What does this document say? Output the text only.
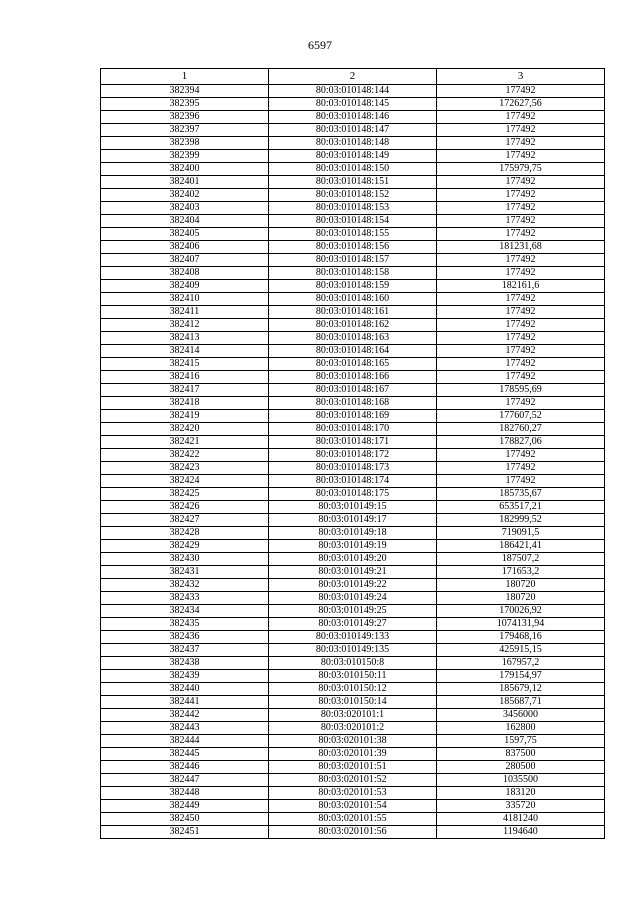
6597
1	2	3
382394	80:03:010148:144	177492
382395	80:03:010148:145	172627,56
382396	80:03:010148:146	177492
382397	80:03:010148:147	177492
382398	80:03:010148:148	177492
382399	80:03:010148:149	177492
382400	80:03:010148:150	175979,75
382401	80:03:010148:151	177492
382402	80:03:010148:152	177492
382403	80:03:010148:153	177492
382404	80:03:010148:154	177492
382405	80:03:010148:155	177492
382406	80:03:010148:156	181231,68
382407	80:03:010148:157	177492
382408	80:03:010148:158	177492
382409	80:03:010148:159	182161,6
382410	80:03:010148:160	177492
382411	80:03:010148:161	177492
382412	80:03:010148:162	177492
382413	80:03:010148:163	177492
382414	80:03:010148:164	177492
382415	80:03:010148:165	177492
382416	80:03:010148:166	177492
382417	80:03:010148:167	178595,69
382418	80:03:010148:168	177492
382419	80:03:010148:169	177607,52
382420	80:03:010148:170	182760,27
382421	80:03:010148:171	178827,06
382422	80:03:010148:172	177492
382423	80:03:010148:173	177492
382424	80:03:010148:174	177492
382425	80:03:010148:175	185735,67
382426	80:03:010149:15	653517,21
382427	80:03:010149:17	182999,52
382428	80:03:010149:18	719091,5
382429	80:03:010149:19	186421,41
382430	80:03:010149:20	187507,2
382431	80:03:010149:21	171653,2
382432	80:03:010149:22	180720
382433	80:03:010149:24	180720
382434	80:03:010149:25	170026,92
382435	80:03:010149:27	1074131,94
382436	80:03:010149:133	179468,16
382437	80:03:010149:135	425915,15
382438	80:03:010150:8	167957,2
382439	80:03:010150:11	179154,97
382440	80:03:010150:12	185679,12
382441	80:03:010150:14	185687,71
382442	80:03:020101:1	3456000
382443	80:03:020101:2	162800
382444	80:03:020101:38	1597,75
382445	80:03:020101:39	837500
382446	80:03:020101:51	280500
382447	80:03:020101:52	1035500
382448	80:03:020101:53	183120
382449	80:03:020101:54	335720
382450	80:03:020101:55	4181240
382451	80:03:020101:56	1194640
